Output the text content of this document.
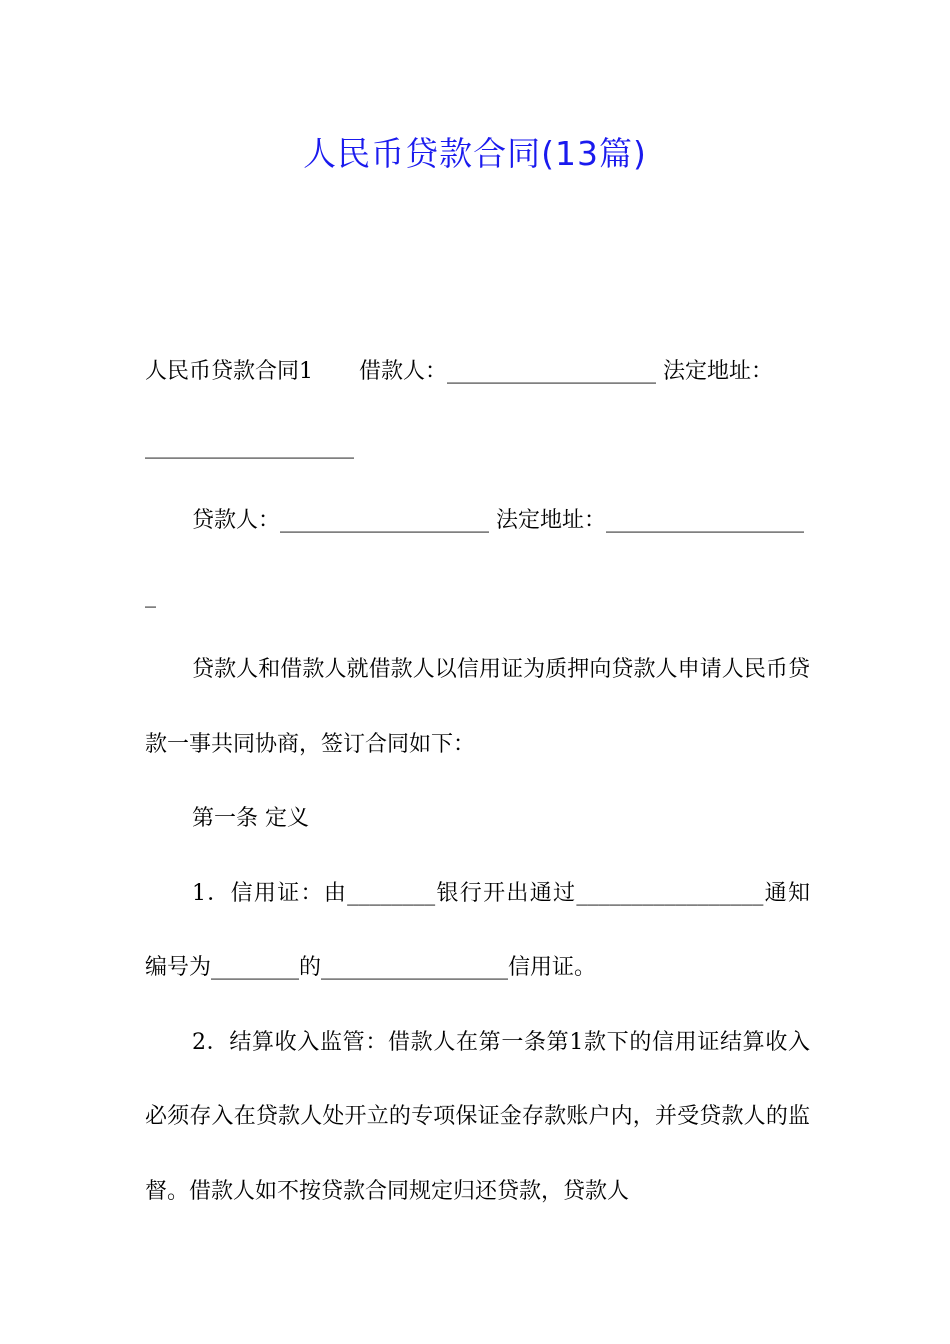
人民币贷款合同(13篇)

人民币贷款合同1 借款人：___________________ 法定地址：

___________________

贷款人：___________________ 法定地址：___________________

贷款人和借款人就借款人以信用证为质押向贷款人申请人民币贷款一事共同协商，签订合同如下：

第一条 定义

1．信用证：由________银行开出通过_________________通知编号为________的_________________信用证。

2．结算收入监管：借款人在第一条第1款下的信用证结算收入必须存入在贷款人处开立的专项保证金存款账户内，并受贷款人的监督。借款人如不按贷款合同规定归还贷款，贷款人
